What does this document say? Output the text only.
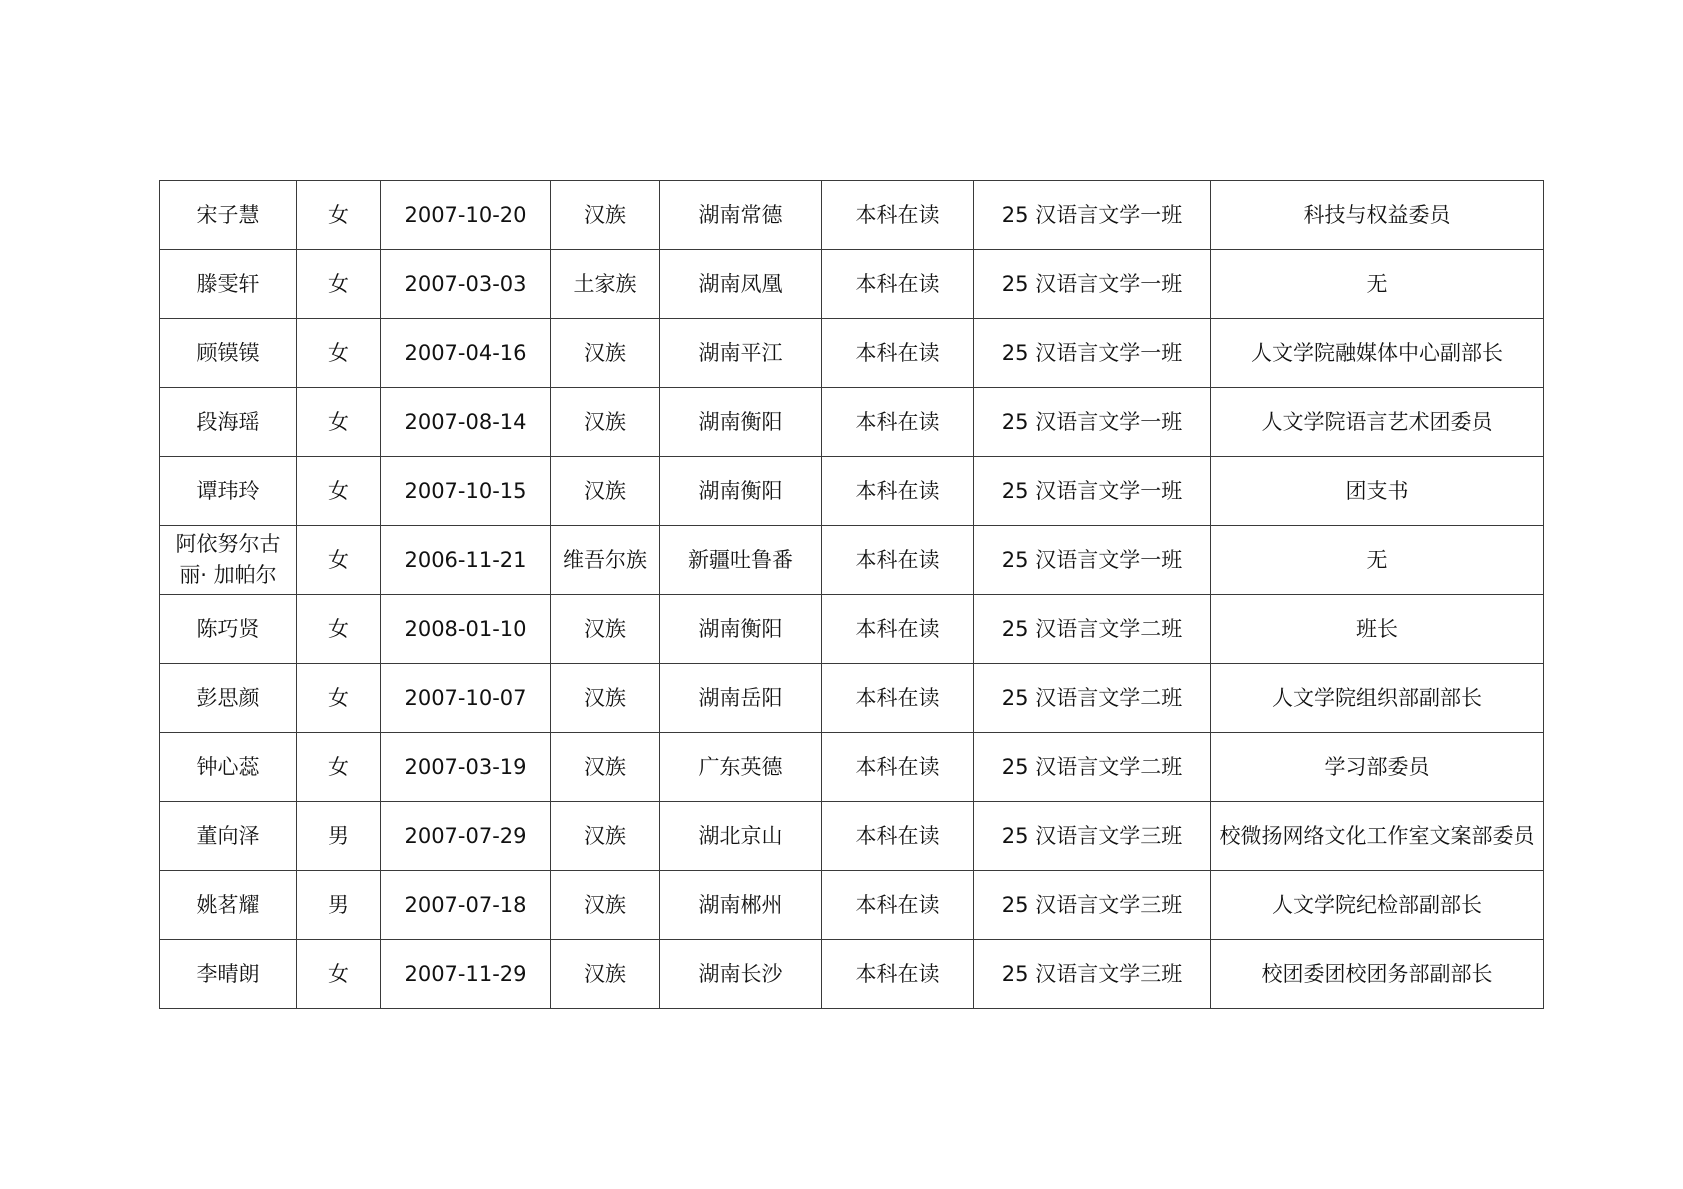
宋子慧	女	2007-10-20	汉族	湖南常德	本科在读	25 汉语言文学一班	科技与权益委员
滕雯轩	女	2007-03-03	土家族	湖南凤凰	本科在读	25 汉语言文学一班	无
顾镆镆	女	2007-04-16	汉族	湖南平江	本科在读	25 汉语言文学一班	人文学院融媒体中心副部长
段海瑶	女	2007-08-14	汉族	湖南衡阳	本科在读	25 汉语言文学一班	人文学院语言艺术团委员
谭玮玲	女	2007-10-15	汉族	湖南衡阳	本科在读	25 汉语言文学一班	团支书
阿依努尔古丽· 加帕尔	女	2006-11-21	维吾尔族	新疆吐鲁番	本科在读	25 汉语言文学一班	无
陈巧贤	女	2008-01-10	汉族	湖南衡阳	本科在读	25 汉语言文学二班	班长
彭思颜	女	2007-10-07	汉族	湖南岳阳	本科在读	25 汉语言文学二班	人文学院组织部副部长
钟心蕊	女	2007-03-19	汉族	广东英德	本科在读	25 汉语言文学二班	学习部委员
董向泽	男	2007-07-29	汉族	湖北京山	本科在读	25 汉语言文学三班	校微扬网络文化工作室文案部委员
姚茗耀	男	2007-07-18	汉族	湖南郴州	本科在读	25 汉语言文学三班	人文学院纪检部副部长
李晴朗	女	2007-11-29	汉族	湖南长沙	本科在读	25 汉语言文学三班	校团委团校团务部副部长
